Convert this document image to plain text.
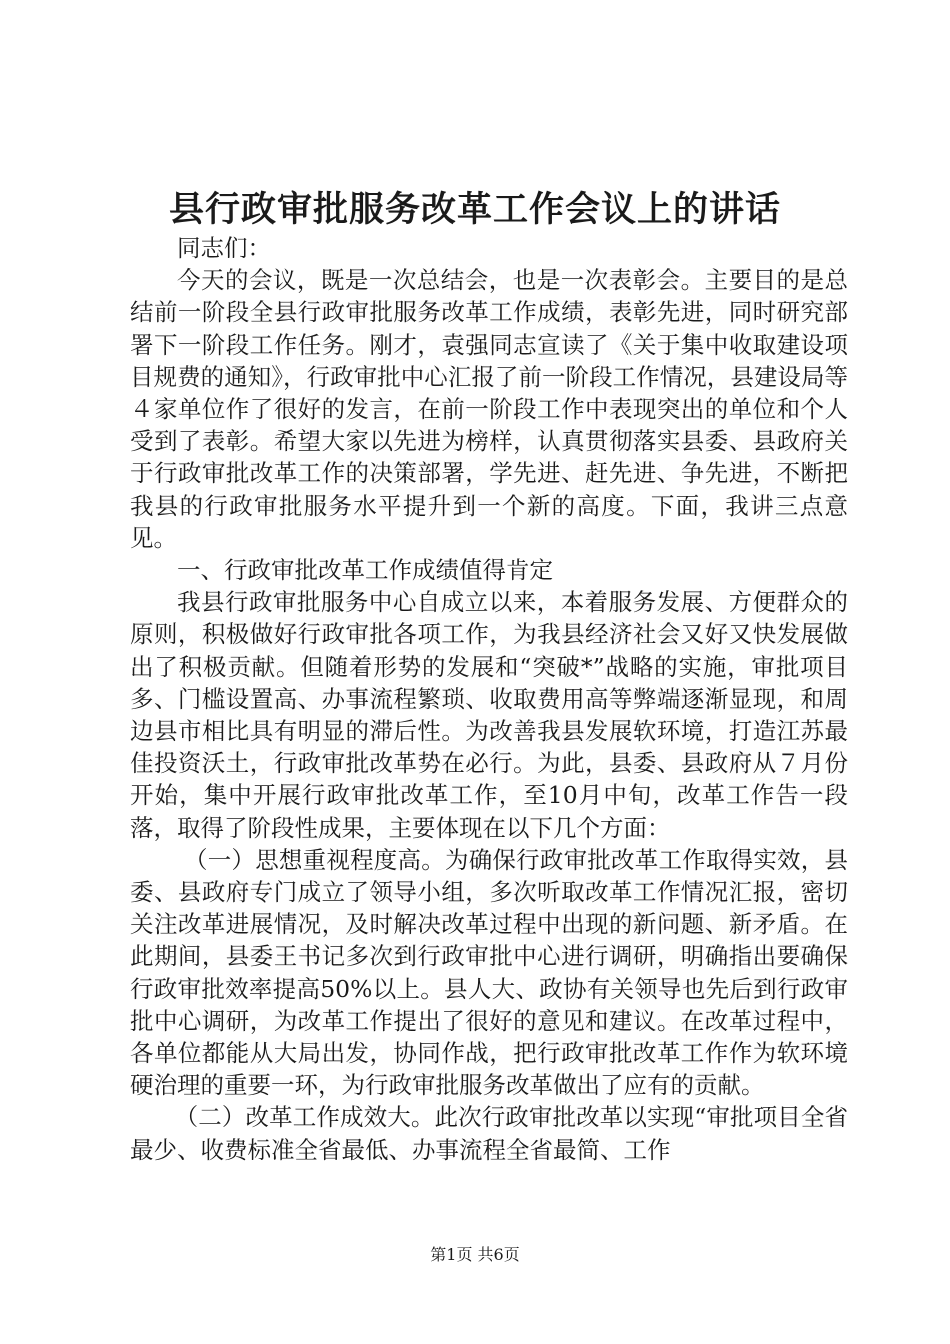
县行政审批服务改革工作会议上的讲话

同志们：

今天的会议，既是一次总结会，也是一次表彰会。主要目的是总结前一阶段全县行政审批服务改革工作成绩，表彰先进，同时研究部署下一阶段工作任务。刚才，袁强同志宣读了《关于集中收取建设项目规费的通知》，行政审批中心汇报了前一阶段工作情况，县建设局等４家单位作了很好的发言，在前一阶段工作中表现突出的单位和个人受到了表彰。希望大家以先进为榜样，认真贯彻落实县委、县政府关于行政审批改革工作的决策部署，学先进、赶先进、争先进，不断把我县的行政审批服务水平提升到一个新的高度。下面，我讲三点意见。

一、行政审批改革工作成绩值得肯定

我县行政审批服务中心自成立以来，本着服务发展、方便群众的原则，积极做好行政审批各项工作，为我县经济社会又好又快发展做出了积极贡献。但随着形势的发展和“突破*”战略的实施，审批项目多、门槛设置高、办事流程繁琐、收取费用高等弊端逐渐显现，和周边县市相比具有明显的滞后性。为改善我县发展软环境，打造江苏最佳投资沃土，行政审批改革势在必行。为此，县委、县政府从７月份开始，集中开展行政审批改革工作，至10月中旬，改革工作告一段落，取得了阶段性成果，主要体现在以下几个方面：

（一）思想重视程度高。为确保行政审批改革工作取得实效，县委、县政府专门成立了领导小组，多次听取改革工作情况汇报，密切关注改革进展情况，及时解决改革过程中出现的新问题、新矛盾。在此期间，县委王书记多次到行政审批中心进行调研，明确指出要确保行政审批效率提高50%以上。县人大、政协有关领导也先后到行政审批中心调研，为改革工作提出了很好的意见和建议。在改革过程中，各单位都能从大局出发，协同作战，把行政审批改革工作作为软环境硬治理的重要一环，为行政审批服务改革做出了应有的贡献。

（二）改革工作成效大。此次行政审批改革以实现“审批项目全省最少、收费标准全省最低、办事流程全省最简、工作

第1页 共6页
